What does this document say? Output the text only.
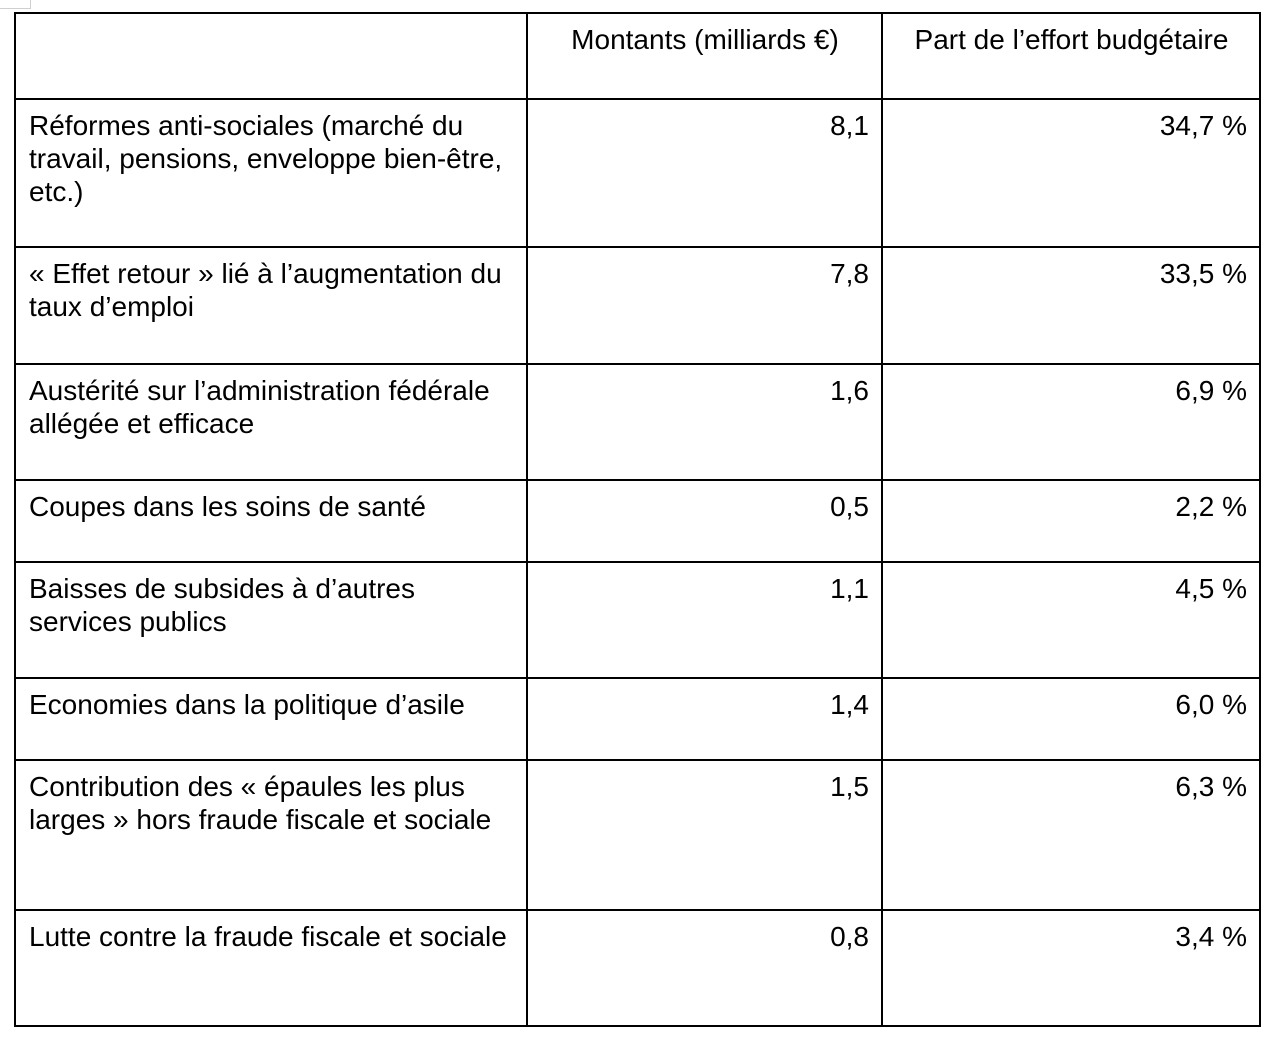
	Montants (milliards €)	Part de l’effort budgétaire
Réformes anti-sociales (marché du travail, pensions, enveloppe bien-être, etc.)	8,1	34,7 %
« Effet retour » lié à l’augmentation du taux d’emploi	7,8	33,5 %
Austérité sur l’administration fédérale allégée et efficace	1,6	6,9 %
Coupes dans les soins de santé	0,5	2,2 %
Baisses de subsides à d’autres services publics	1,1	4,5 %
Economies dans la politique d’asile	1,4	6,0 %
Contribution des « épaules les plus larges » hors fraude fiscale et sociale	1,5	6,3 %
Lutte contre la fraude fiscale et sociale	0,8	3,4 %
